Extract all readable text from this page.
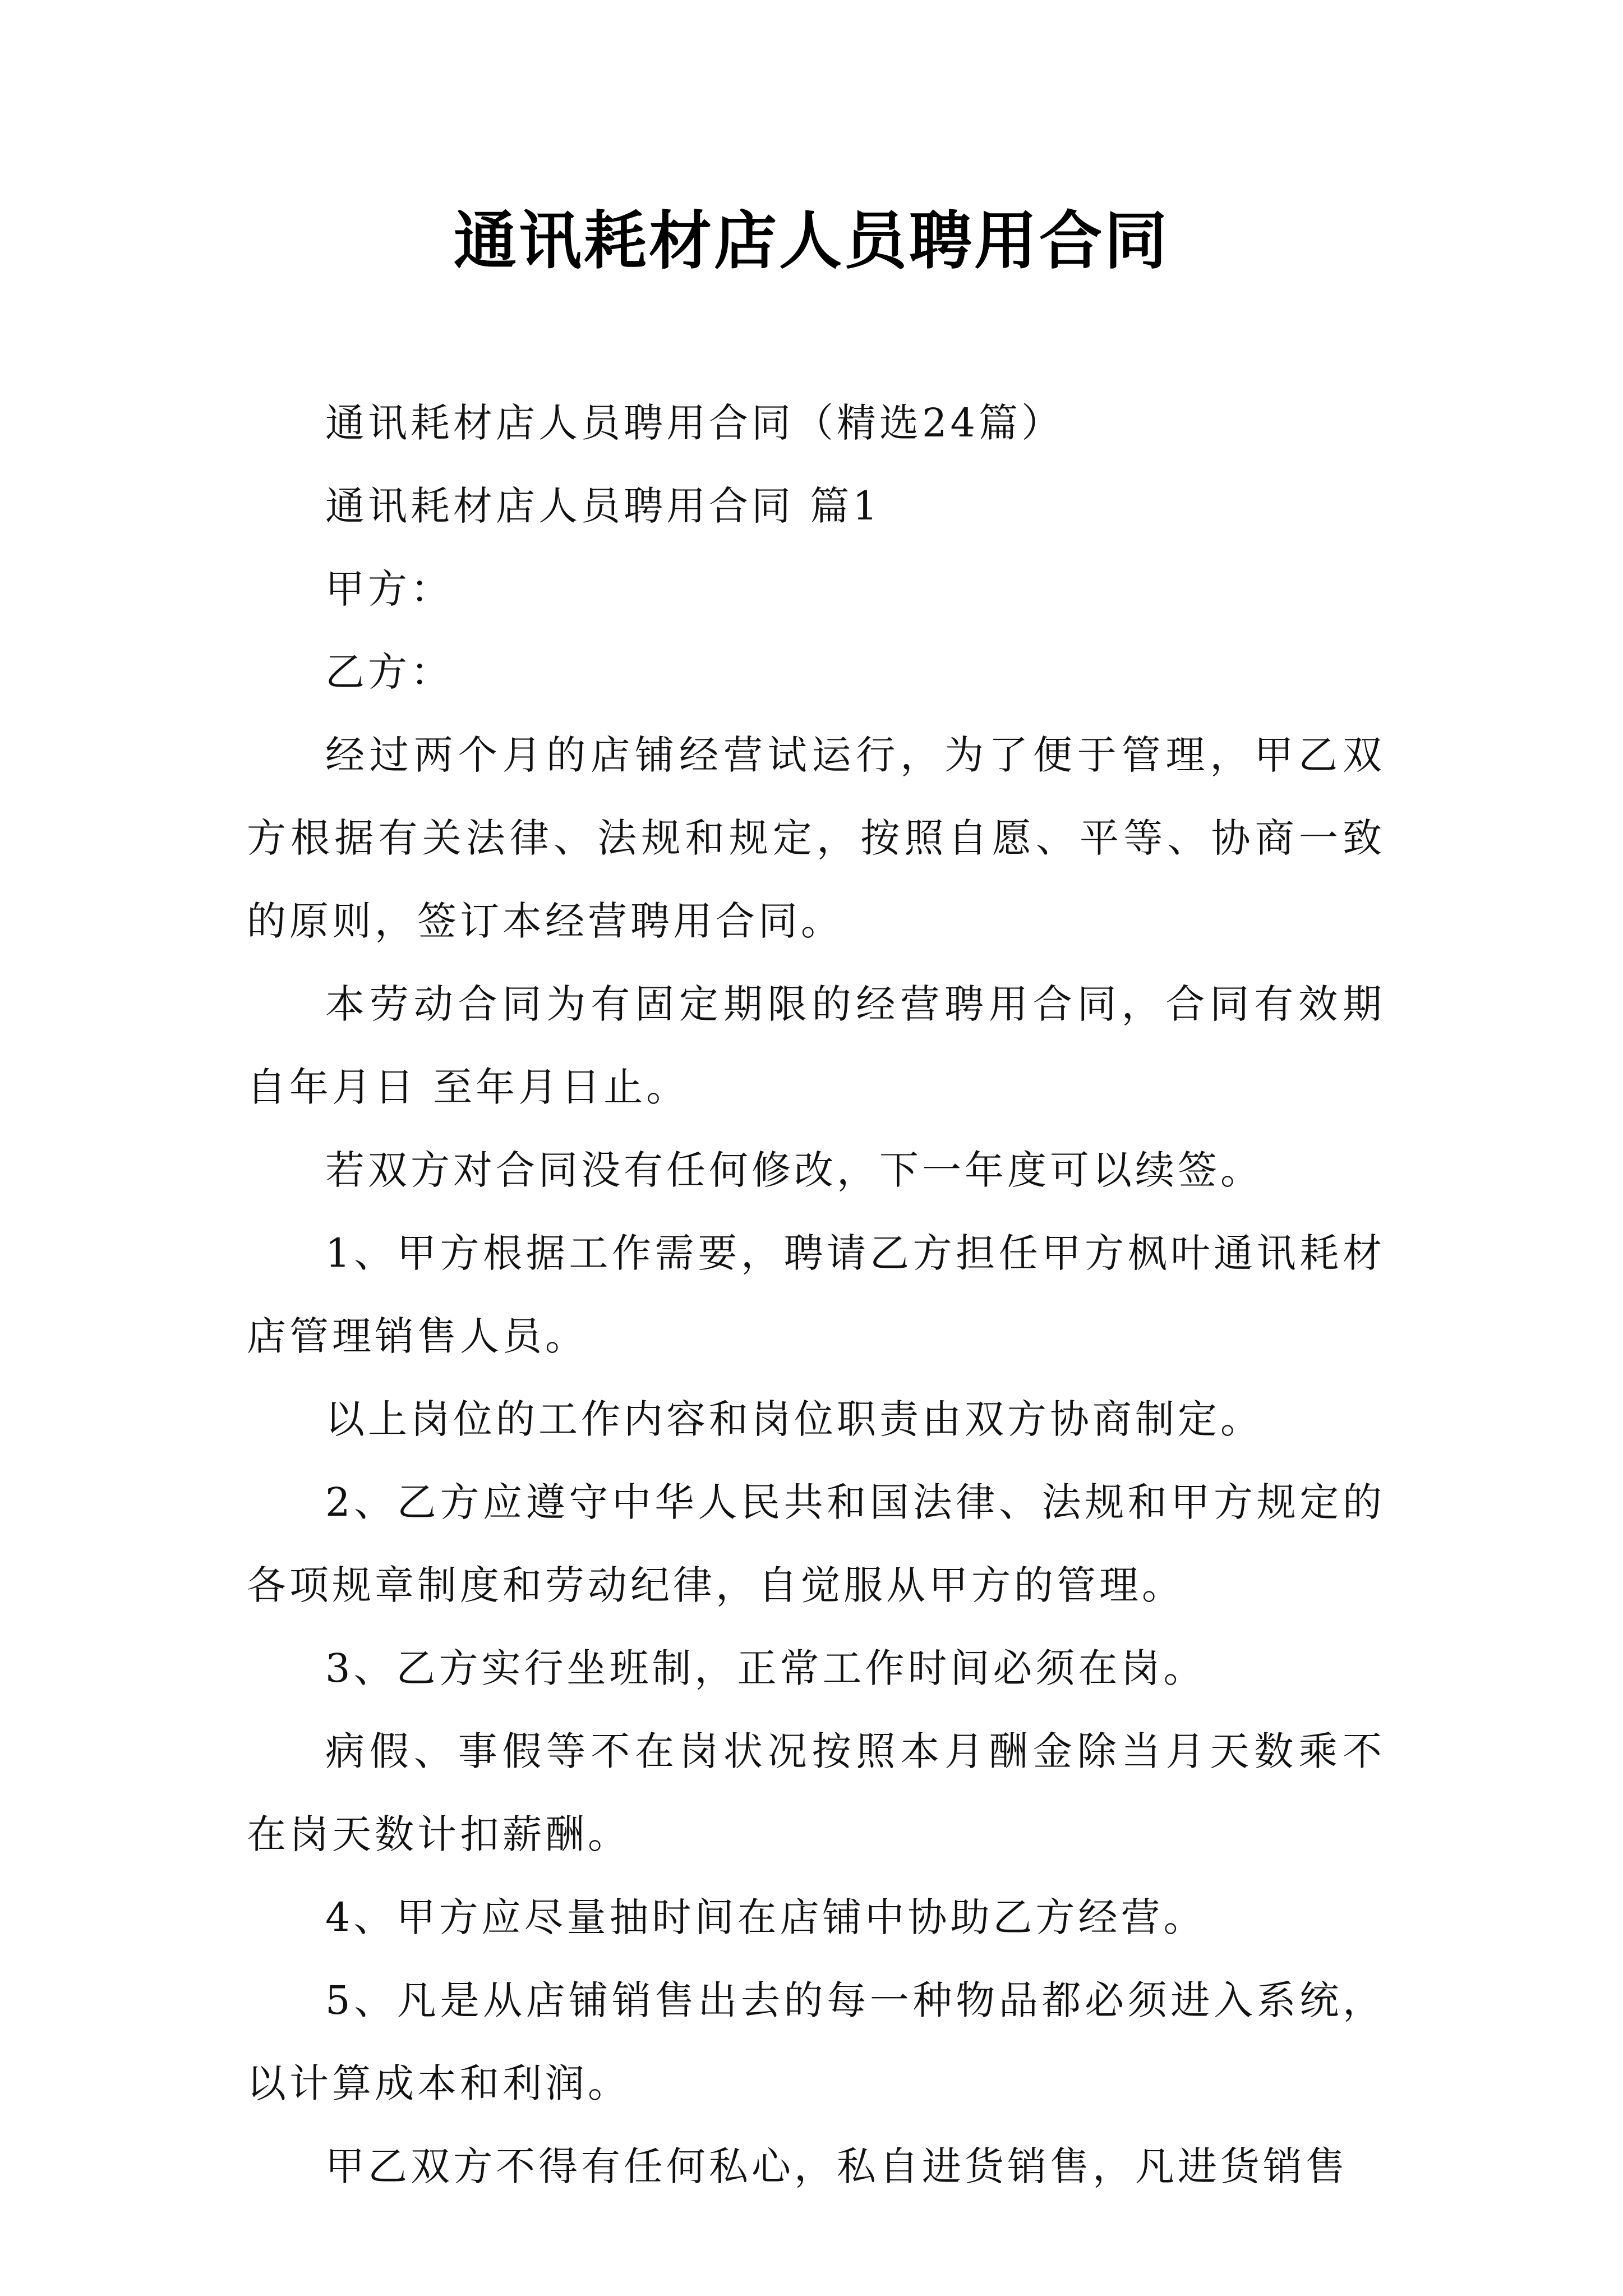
通讯耗材店人员聘用合同

通讯耗材店人员聘用合同（精选24篇）

通讯耗材店人员聘用合同 篇1

甲方：

乙方：

经过两个月的店铺经营试运行，为了便于管理，甲乙双方根据有关法律、法规和规定，按照自愿、平等、协商一致的原则，签订本经营聘用合同。

本劳动合同为有固定期限的经营聘用合同，合同有效期自年月日 至年月日止。

若双方对合同没有任何修改，下一年度可以续签。

1、甲方根据工作需要，聘请乙方担任甲方枫叶通讯耗材店管理销售人员。

以上岗位的工作内容和岗位职责由双方协商制定。

2、乙方应遵守中华人民共和国法律、法规和甲方规定的各项规章制度和劳动纪律，自觉服从甲方的管理。

3、乙方实行坐班制，正常工作时间必须在岗。

病假、事假等不在岗状况按照本月酬金除当月天数乘不在岗天数计扣薪酬。

4、甲方应尽量抽时间在店铺中协助乙方经营。

5、凡是从店铺销售出去的每一种物品都必须进入系统，以计算成本和利润。

甲乙双方不得有任何私心，私自进货销售，凡进货销售
